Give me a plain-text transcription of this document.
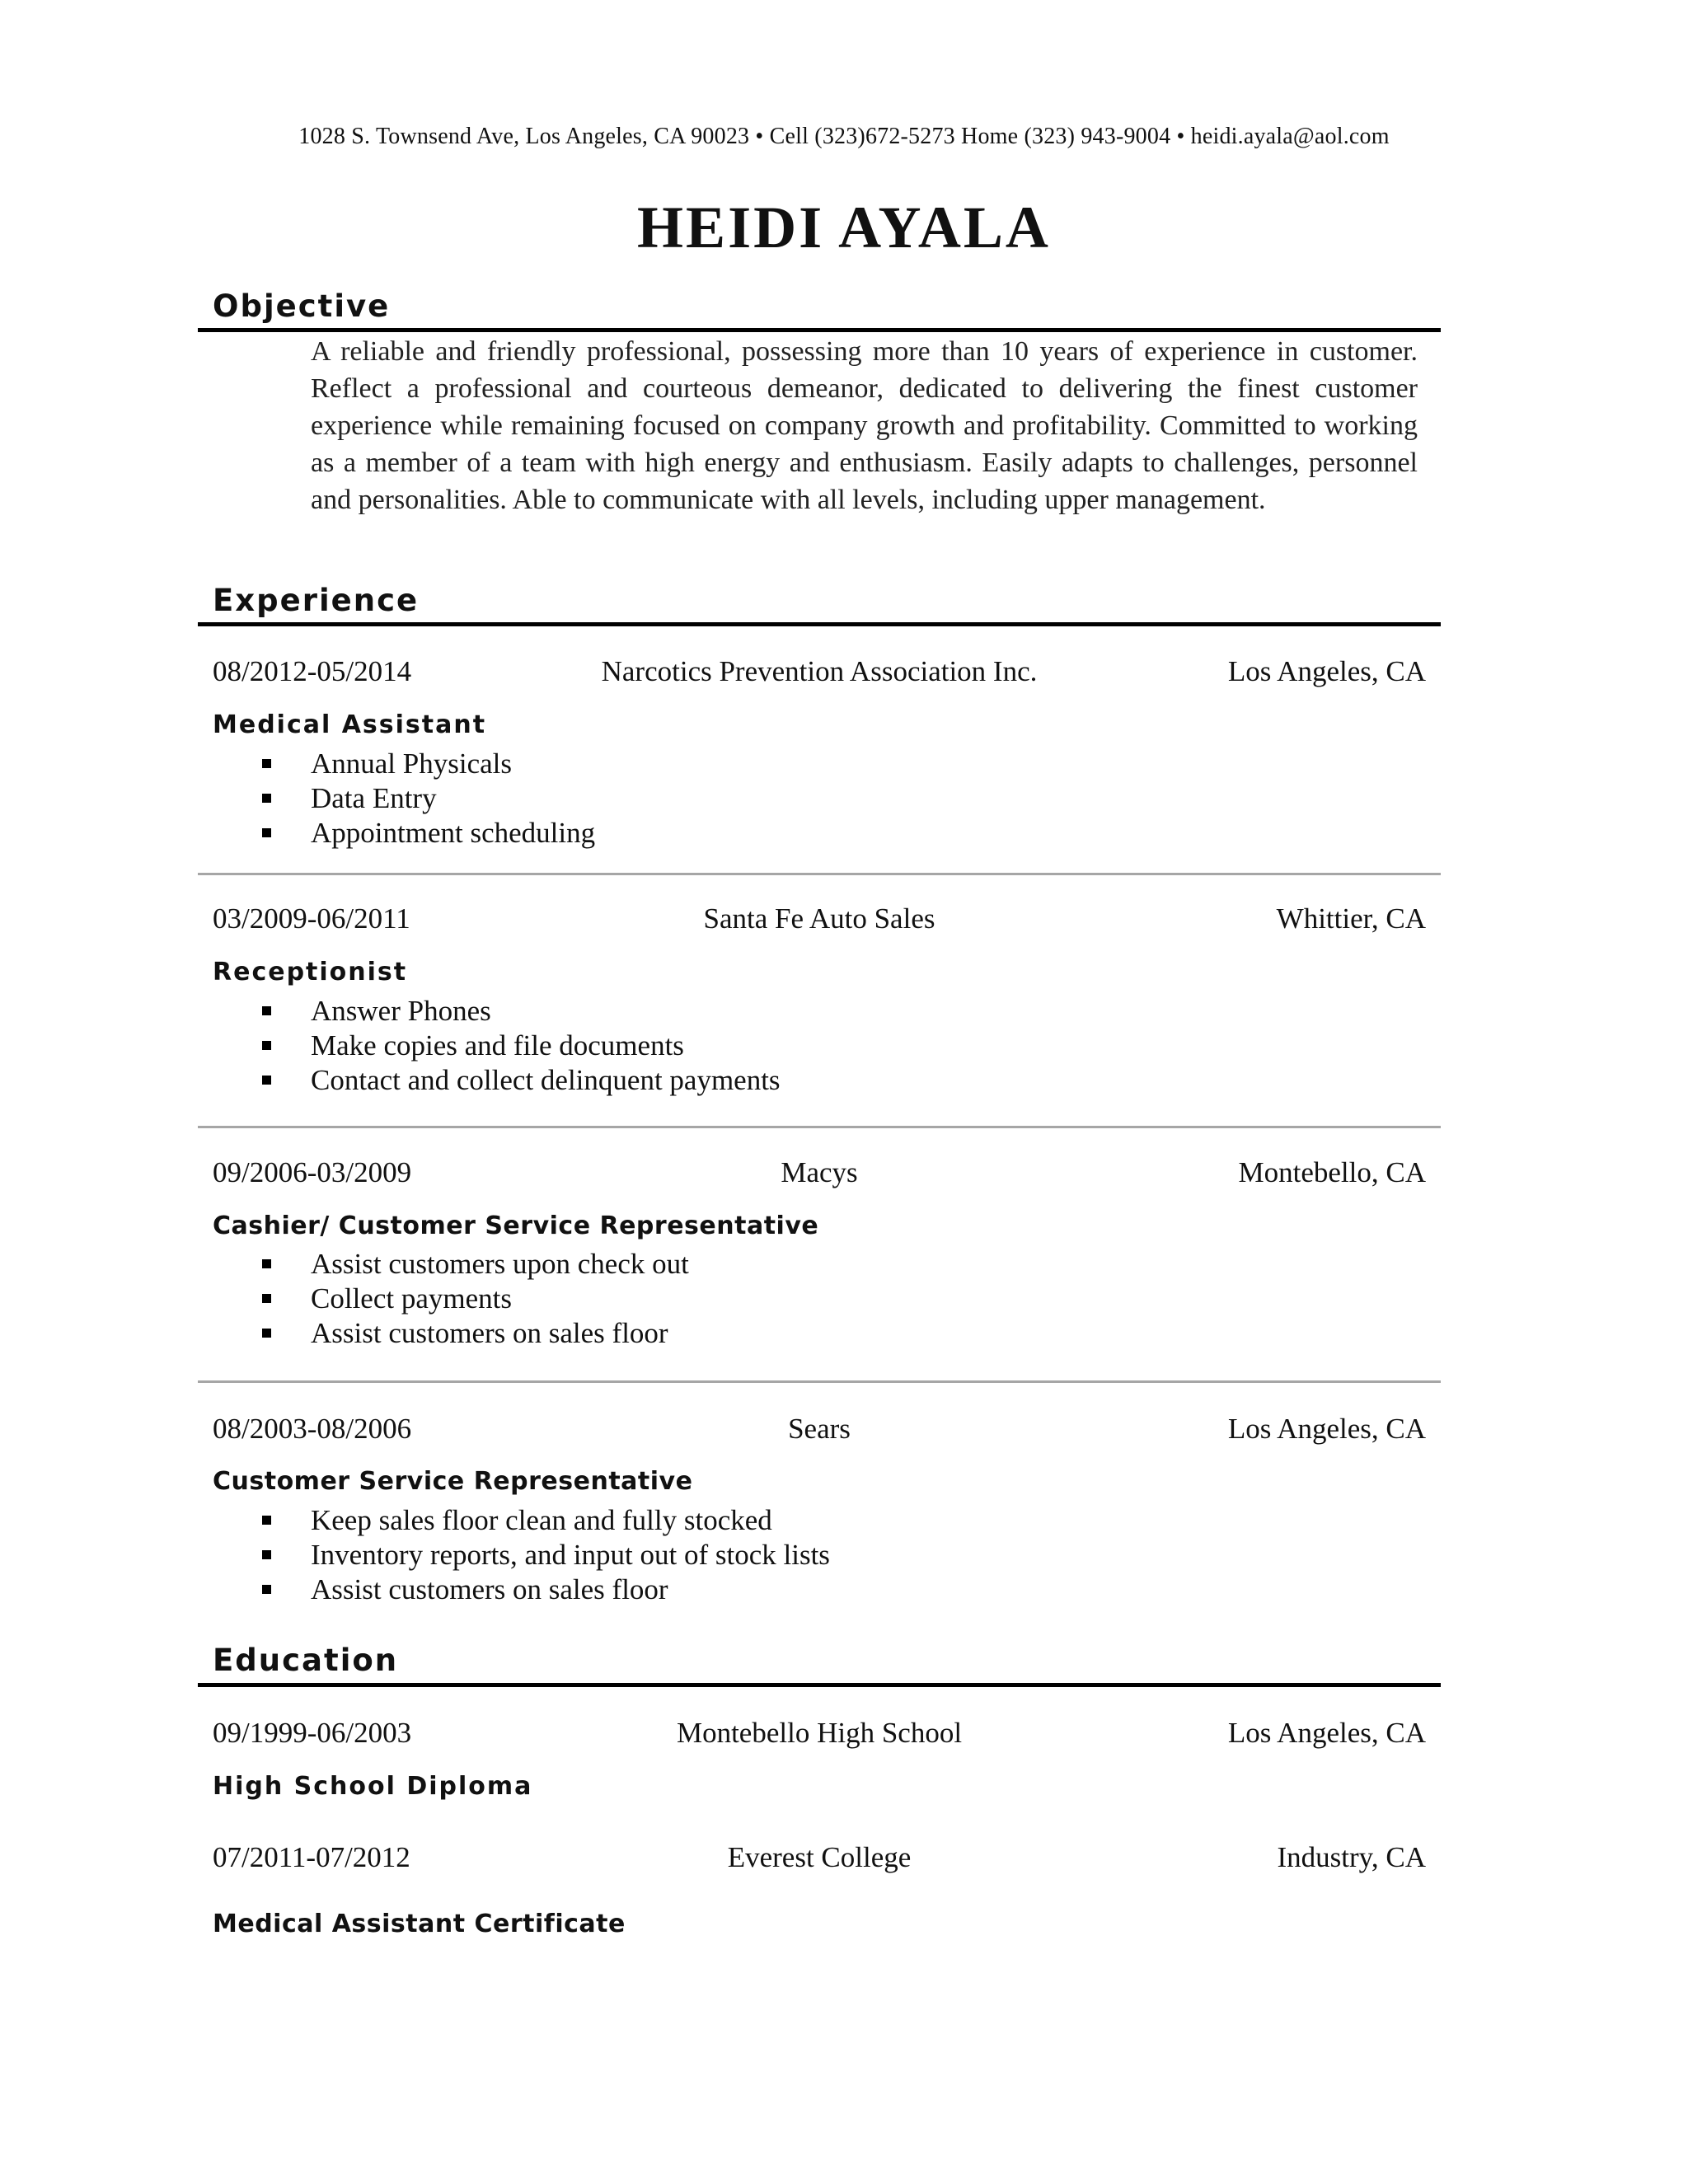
1028 S. Townsend Ave, Los Angeles, CA 90023 • Cell (323)672-5273 Home (323) 943-9004 • heidi.ayala@aol.com
HEIDI AYALA
Objective
A reliable and friendly professional, possessing more than 10 years of experience in customer. Reflect a professional and courteous demeanor, dedicated to delivering the finest customer experience while remaining focused on company growth and profitability. Committed to working as a member of a team with high energy and enthusiasm. Easily adapts to challenges, personnel and personalities. Able to communicate with all levels, including upper management.
Experience
08/2012-05/2014	Narcotics Prevention Association Inc.	Los Angeles, CA
Medical Assistant
Annual Physicals
Data Entry
Appointment scheduling
03/2009-06/2011	Santa Fe Auto Sales	Whittier, CA
Receptionist
Answer Phones
Make copies and file documents
Contact and collect delinquent payments
09/2006-03/2009	Macys	Montebello, CA
Cashier/ Customer Service Representative
Assist customers upon check out
Collect payments
Assist customers on sales floor
08/2003-08/2006	Sears	Los Angeles, CA
Customer Service Representative
Keep sales floor clean and fully stocked
Inventory reports, and input out of stock lists
Assist customers on sales floor
Education
09/1999-06/2003	Montebello High School	Los Angeles, CA
High School Diploma
07/2011-07/2012	Everest College	Industry, CA
Medical Assistant Certificate
